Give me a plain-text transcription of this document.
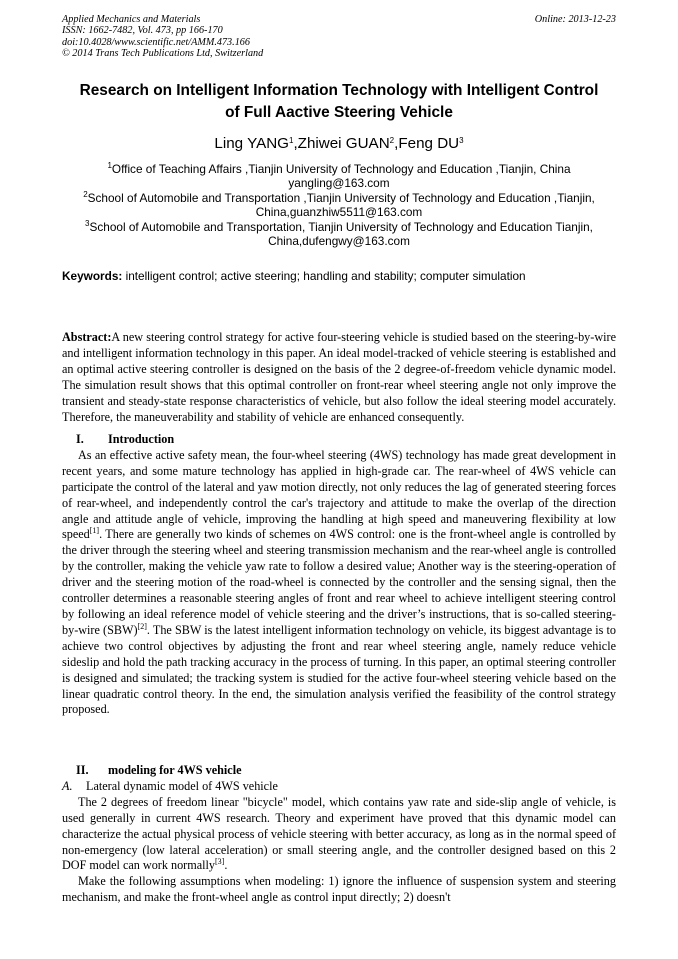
Applied Mechanics and Materials
ISSN: 1662-7482, Vol. 473, pp 166-170
doi:10.4028/www.scientific.net/AMM.473.166
© 2014 Trans Tech Publications Ltd, Switzerland
Online: 2013-12-23
Research on Intelligent Information Technology with Intelligent Control
of Full Aactive Steering Vehicle
Ling YANG$^1$,Zhiwei GUAN$^2$,Feng $DU^3$

$^1$Office of Teaching Affairs ,Tianjin University of Technology and Education ,Tianjin, China yangling@163.com

$^2$School of Automobile and Transportation ,Tianjin University of Technology and Education ,Tianjin, China,guanzhiw5511@163.com

$^3$School of Automobile and Transportation, Tianjin University of Technology and Education Tianjin, China,dufengwy@163.com

Keywords: intelligent control; active steering; handling and stability; computer simulation

Abstract:A new steering control strategy for active four-steering vehicle is studied based on the steering-by-wire and intelligent information technology in this paper. An ideal model-tracked of vehicle steering is established and an optimal active steering controller is designed on the basis of the 2 degree-of-freedom vehicle dynamic model. The simulation result shows that this optimal controller on front-rear wheel steering angle not only improve the transient and steady-state response characteristics of vehicle, but also follow the ideal steering model accurately. Therefore, the maneuverability and stability of vehicle are enhanced consequently.

I. Introduction

As an effective active safety mean, the four-wheel steering (4WS) technology has made great development in recent years, and some mature technology has applied in high-grade car. The rear-wheel of 4WS vehicle can participate the control of the lateral and yaw motion directly, not only reduces the lag of generated steering forces of rear-wheel, and independently control the car's trajectory and attitude to make the overlap of the direction angle and attitude angle of vehicle, improving the handling at high speed and maneuvering flexibility at low speed[1]. There are generally two kinds of schemes on 4WS control: one is the front-wheel angle is controlled by the driver through the steering wheel and steering transmission mechanism and the rear-wheel angle is controlled by the controller, making the vehicle yaw rate to follow a desired value; Another way is the steering-operation of driver and the steering motion of the road-wheel is connected by the controller and the sensing signal, then the controller determines a reasonable steering angles of front and rear wheel to achieve intelligent steering control by following an ideal reference model of vehicle steering and the driver’s instructions, that is so-called steering-by-wire (SBW)[2]. The SBW is the latest intelligent information technology on vehicle, its biggest advantage is to achieve two control objectives by adjusting the front and rear wheel steering angle, namely reduce vehicle sideslip and hold the path tracking accuracy in the process of turning. In this paper, an optimal steering controller is designed and simulated; the tracking system is studied for the active four-wheel steering vehicle based on the linear quadratic control theory. In the end, the simulation analysis verified the feasibility of the control strategy proposed.

II. modeling for 4WS vehicle

A. Lateral dynamic model of 4WS vehicle

The 2 degrees of freedom linear "bicycle" model, which contains yaw rate and side-slip angle of vehicle, is used generally in current 4WS research. Theory and experiment have proved that this dynamic model can characterize the actual physical process of vehicle steering with better accuracy, as long as in the normal speed of non-emergency (low lateral acceleration) or small steering angle, and the controller designed based on this 2 DOF model can work normally[3].

Make the following assumptions when modeling: 1) ignore the influence of suspension system and steering mechanism, and make the front-wheel angle as control input directly; 2) doesn't
